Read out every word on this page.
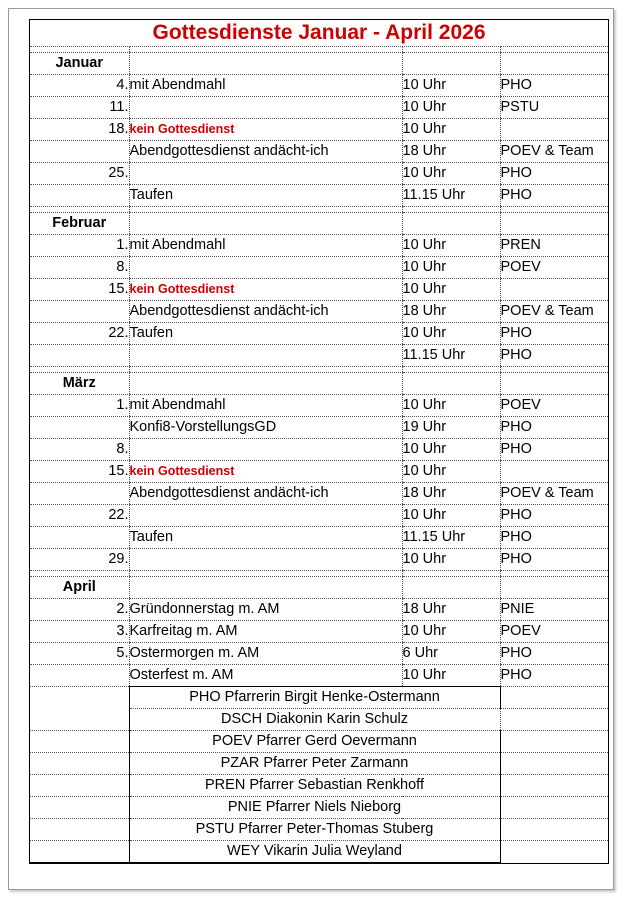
Gottesdienste Januar - April 2026			

Januar			
4.	mit Abendmahl	10 Uhr	PHO
11.		10 Uhr	PSTU
18.	kein Gottesdienst	10 Uhr	
	Abendgottesdienst andächt-ich	18 Uhr	POEV & Team
25.		10 Uhr	PHO
	Taufen	11.15 Uhr	PHO

Februar			
1.	mit Abendmahl	10 Uhr	PREN
8.		10 Uhr	POEV
15.	kein Gottesdienst	10 Uhr	
	Abendgottesdienst andächt-ich	18 Uhr	POEV & Team
22.	Taufen	10 Uhr	PHO
		11.15 Uhr	PHO

März			
1.	mit Abendmahl	10 Uhr	POEV
	Konfi8-VorstellungsGD	19 Uhr	PHO
8.		10 Uhr	PHO
15.	kein Gottesdienst	10 Uhr	
	Abendgottesdienst andächt-ich	18 Uhr	POEV & Team
22.		10 Uhr	PHO
	Taufen	11.15 Uhr	PHO
29.		10 Uhr	PHO

April			
2.	Gründonnerstag m. AM	18 Uhr	PNIE
3.	Karfreitag m. AM	10 Uhr	POEV
5.	Ostermorgen m. AM	6 Uhr	PHO
	Osterfest m. AM	10 Uhr	PHO
	PHO Pfarrerin Birgit Henke-Ostermann		
	DSCH Diakonin Karin Schulz		
	POEV Pfarrer Gerd Oevermann		
	PZAR Pfarrer Peter Zarmann		
	PREN Pfarrer Sebastian Renkhoff		
	PNIE Pfarrer Niels Nieborg		
	PSTU Pfarrer Peter-Thomas Stuberg		
	WEY Vikarin Julia Weyland		
